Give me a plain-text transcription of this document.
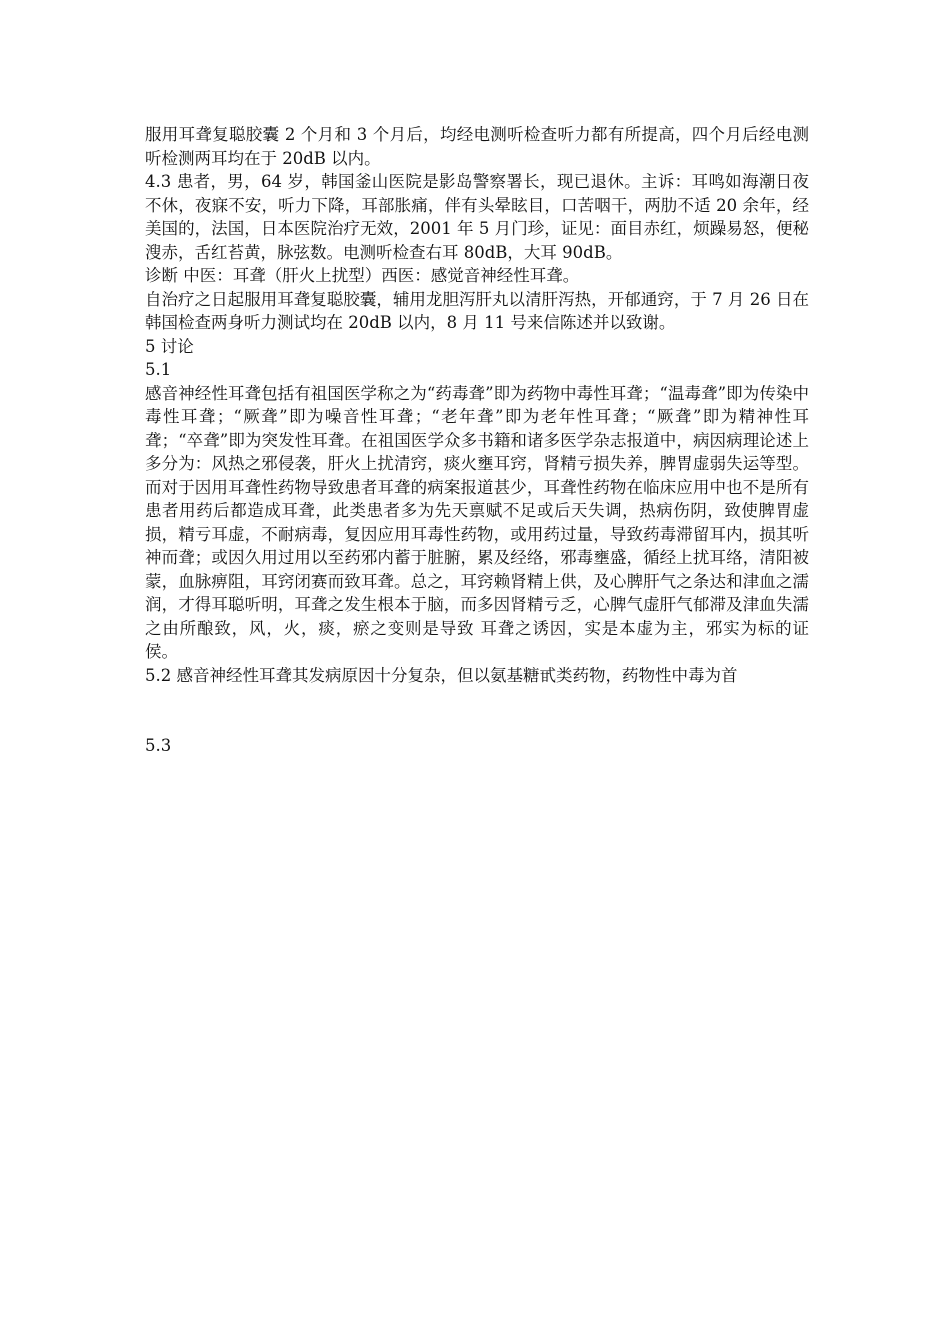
服用耳聋复聪胶囊 2 个月和 3 个月后，均经电测听检查听力都有所提高，四个月后经电测听检测两耳均在于 20dB 以内。

4.3 患者，男，64 岁，韩国釜山医院是影岛警察署长，现已退休。主诉：耳鸣如海潮日夜不休，夜寐不安，听力下降，耳部胀痛，伴有头晕眩目，口苦咽干，两肋不适 20 余年，经美国的，法国，日本医院治疗无效，2001 年 5 月门珍，证见：面目赤红，烦躁易怒，便秘溲赤，舌红苔黄，脉弦数。电测听检查右耳 80dB，大耳 90dB。

诊断 中医：耳聋（肝火上扰型）西医：感觉音神经性耳聋。

自治疗之日起服用耳聋复聪胶囊，辅用龙胆泻肝丸以清肝泻热，开郁通窍，于 7 月 26 日在韩国检查两身听力测试均在 20dB 以内，8 月 11 号来信陈述并以致谢。

5 讨论

5.1

感音神经性耳聋包括有祖国医学称之为“药毒聋”即为药物中毒性耳聋；“温毒聋”即为传染中毒性耳聋；“厥聋”即为噪音性耳聋；“老年聋”即为老年性耳聋；“厥聋”即为精神性耳聋；“卒聋”即为突发性耳聋。在祖国医学众多书籍和诸多医学杂志报道中，病因病理论述上多分为：风热之邪侵袭，肝火上扰清窍，痰火壅耳窍，肾精亏损失养，脾胃虚弱失运等型。而对于因用耳聋性药物导致患者耳聋的病案报道甚少，耳聋性药物在临床应用中也不是所有患者用药后都造成耳聋，此类患者多为先天禀赋不足或后天失调，热病伤阴，致使脾胃虚损，精亏耳虚，不耐病毒，复因应用耳毒性药物，或用药过量，导致药毒滞留耳内，损其听神而聋；或因久用过用以至药邪内蓄于脏腑，累及经络，邪毒壅盛，循经上扰耳络，清阳被蒙，血脉痹阻，耳窍闭赛而致耳聋。总之，耳窍赖肾精上供，及心脾肝气之条达和津血之濡润，才得耳聪听明，耳聋之发生根本于脑，而多因肾精亏乏，心脾气虚肝气郁滞及津血失濡之由所酿致，风，火，痰，瘀之变则是导致 耳聋之诱因，实是本虚为主，邪实为标的证侯。

5.2 感音神经性耳聋其发病原因十分复杂，但以氨基糖甙类药物，药物性中毒为首

5.3
